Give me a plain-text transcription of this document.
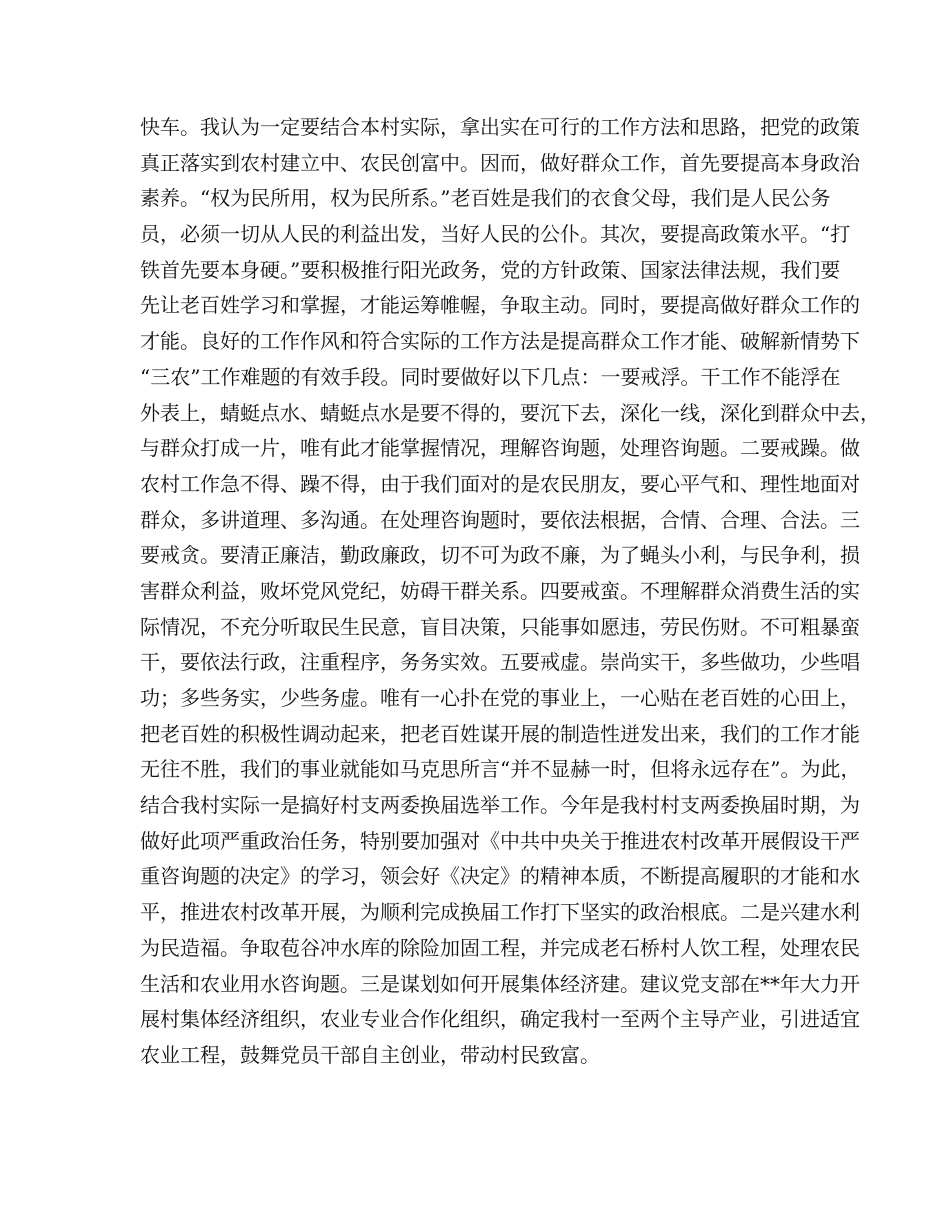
快车。我认为一定要结合本村实际，拿出实在可行的工作方法和思路，把党的政策
真正落实到农村建立中、农民创富中。因而，做好群众工作，首先要提高本身政治
素养。“权为民所用，权为民所系。”老百姓是我们的衣食父母，我们是人民公务
员，必须一切从人民的利益出发，当好人民的公仆。其次，要提高政策水平。“打
铁首先要本身硬。”要积极推行阳光政务，党的方针政策、国家法律法规，我们要
先让老百姓学习和掌握，才能运筹帷幄，争取主动。同时，要提高做好群众工作的
才能。良好的工作作风和符合实际的工作方法是提高群众工作才能、破解新情势下
“三农”工作难题的有效手段。同时要做好以下几点：一要戒浮。干工作不能浮在
外表上，蜻蜓点水、蜻蜓点水是要不得的，要沉下去，深化一线，深化到群众中去，
与群众打成一片，唯有此才能掌握情况，理解咨询题，处理咨询题。二要戒躁。做
农村工作急不得、躁不得，由于我们面对的是农民朋友，要心平气和、理性地面对
群众，多讲道理、多沟通。在处理咨询题时，要依法根据，合情、合理、合法。三
要戒贪。要清正廉洁，勤政廉政，切不可为政不廉，为了蝇头小利，与民争利，损
害群众利益，败坏党风党纪，妨碍干群关系。四要戒蛮。不理解群众消费生活的实
际情况，不充分听取民生民意，盲目决策，只能事如愿违，劳民伤财。不可粗暴蛮
干，要依法行政，注重程序，务务实效。五要戒虚。崇尚实干，多些做功，少些唱
功；多些务实，少些务虚。唯有一心扑在党的事业上，一心贴在老百姓的心田上，
把老百姓的积极性调动起来，把老百姓谋开展的制造性迸发出来，我们的工作才能
无往不胜，我们的事业就能如马克思所言“并不显赫一时，但将永远存在”。为此，
结合我村实际一是搞好村支两委换届选举工作。今年是我村村支两委换届时期，为
做好此项严重政治任务，特别要加强对《中共中央关于推进农村改革开展假设干严
重咨询题的决定》的学习，领会好《决定》的精神本质，不断提高履职的才能和水
平，推进农村改革开展，为顺利完成换届工作打下坚实的政治根底。二是兴建水利
为民造福。争取苞谷冲水库的除险加固工程，并完成老石桥村人饮工程，处理农民
生活和农业用水咨询题。三是谋划如何开展集体经济建。建议党支部在**年大力开
展村集体经济组织，农业专业合作化组织，确定我村一至两个主导产业，引进适宜
农业工程，鼓舞党员干部自主创业，带动村民致富。
